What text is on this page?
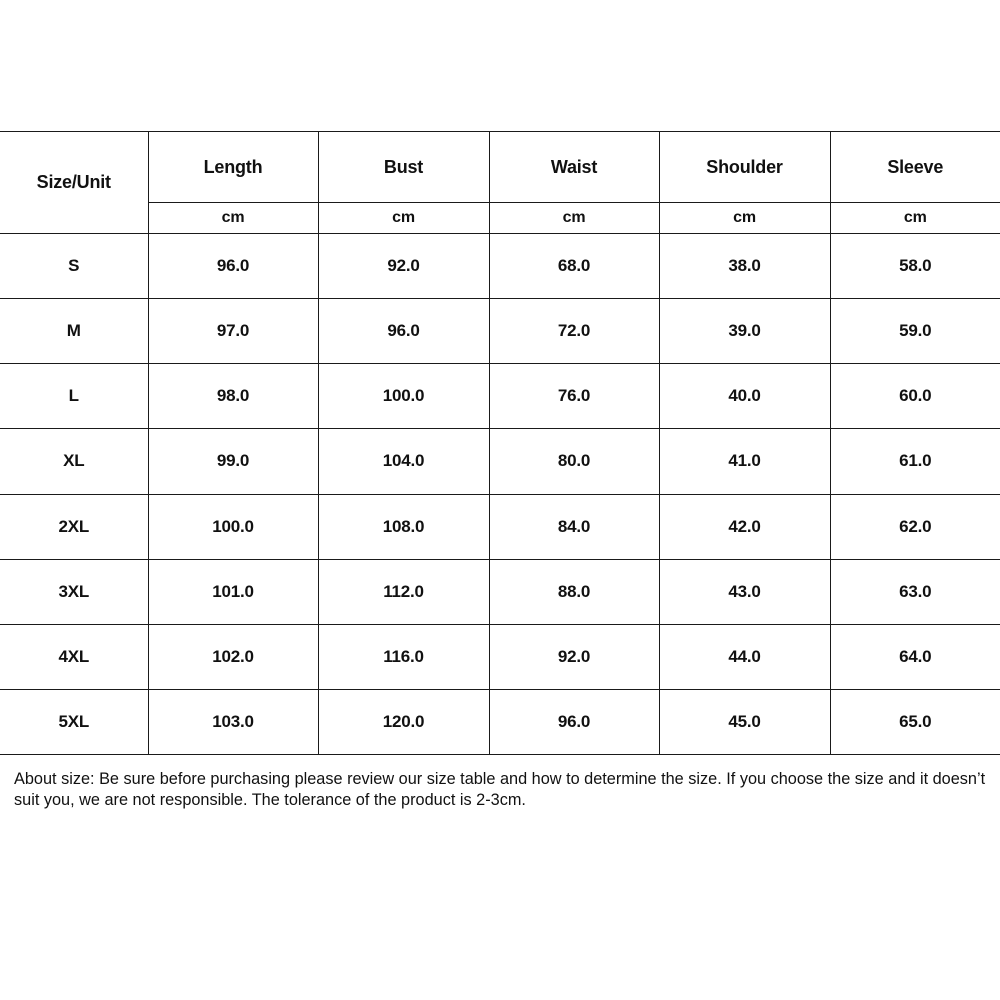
Size/Unit	Length	Bust	Waist	Shoulder	Sleeve
	cm	cm	cm	cm	cm
S	96.0	92.0	68.0	38.0	58.0
M	97.0	96.0	72.0	39.0	59.0
L	98.0	100.0	76.0	40.0	60.0
XL	99.0	104.0	80.0	41.0	61.0
2XL	100.0	108.0	84.0	42.0	62.0
3XL	101.0	112.0	88.0	43.0	63.0
4XL	102.0	116.0	92.0	44.0	64.0
5XL	103.0	120.0	96.0	45.0	65.0

About size: Be sure before purchasing please review our size table and how to determine the size. If you choose the size and it doesn’t suit you, we are not responsible. The tolerance of the product is 2-3cm.
